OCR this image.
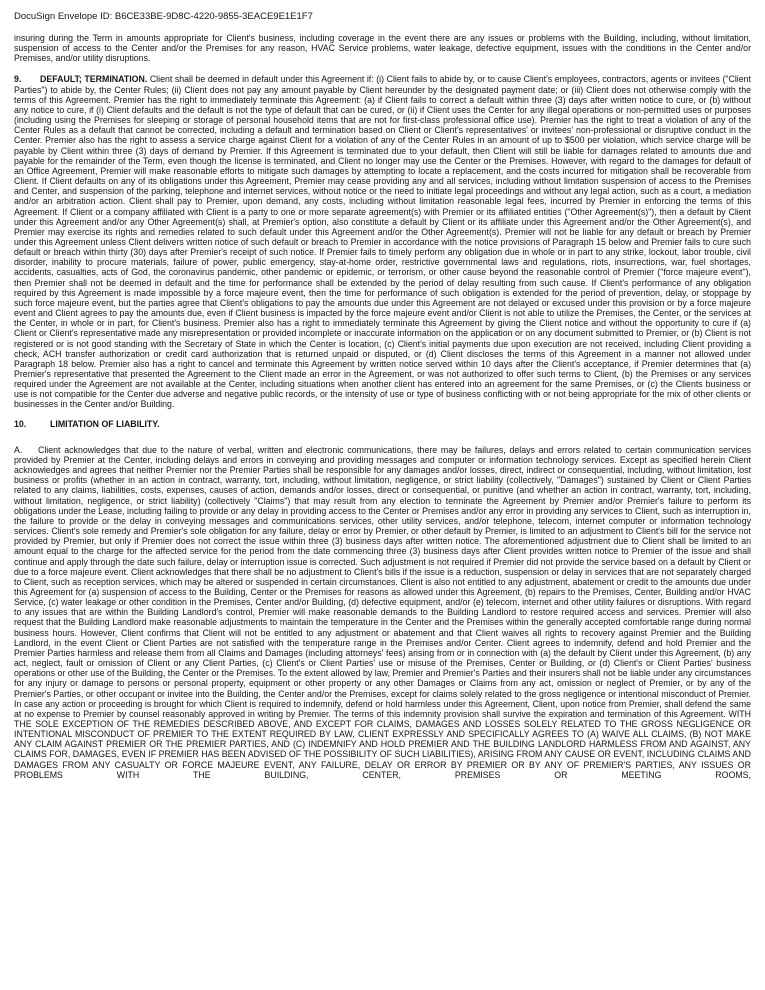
DocuSign Envelope ID: B6CE33BE-9D8C-4220-9855-3EACE9E1E1F7

insuring during the Term in amounts appropriate for Client's business, including coverage in the event there are any issues or problems with the Building, including, without limitation, suspension of access to the Center and/or the Premises for any reason, HVAC Service problems, water leakage, defective equipment, issues with the conditions in the Center and/or Premises, and/or utility disruptions.

9. DEFAULT; TERMINATION. Client shall be deemed in default under this Agreement if: (i) Client fails to abide by, or to cause Client's employees, contractors, agents or invitees ("Client Parties") to abide by, the Center Rules; (ii) Client does not pay any amount payable by Client hereunder by the designated payment date; or (iii) Client does not otherwise comply with the terms of this Agreement. Premier has the right to immediately terminate this Agreement: (a) if Client fails to correct a default within three (3) days after written notice to cure, or (b) without any notice to cure, if (i) Client defaults and the default is not the type of default that can be cured, or (ii) if Client uses the Center for any illegal operations or non-permitted uses or purposes (including using the Premises for sleeping or storage of personal household items that are not for first-class professional office use). Premier has the right to treat a violation of any of the Center Rules as a default that cannot be corrected, including a default and termination based on Client or Client's representatives' or invitees' non-professional or disruptive conduct in the Center. Premier also has the right to assess a service charge against Client for a violation of any of the Center Rules in an amount of up to $500 per violation, which service charge will be payable by Client within three (3) days of demand by Premier. If this Agreement is terminated due to your default, then Client will still be liable for damages related to amounts due and payable for the remainder of the Term, even though the license is terminated, and Client no longer may use the Center or the Premises. However, with regard to the damages for default of an Office Agreement, Premier will make reasonable efforts to mitigate such damages by attempting to locate a replacement, and the costs incurred for mitigation shall be recoverable from Client. If Client defaults on any of its obligations under this Agreement, Premier may cease providing any and all services, including without limitation suspension of access to the Premises and Center, and suspension of the parking, telephone and internet services, without notice or the need to initiate legal proceedings and without any legal action, such as a court, a mediation and/or an arbitration action. Client shall pay to Premier, upon demand, any costs, including without limitation reasonable legal fees, incurred by Premier in enforcing the terms of this Agreement. If Client or a company affiliated with Client is a party to one or more separate agreement(s) with Premier or its affiliated entities ("Other Agreement(s)"), then a default by Client under this Agreement and/or any Other Agreement(s) shall, at Premier's option, also constitute a default by Client or its affiliate under this Agreement and/or the Other Agreement(s), and Premier may exercise its rights and remedies related to such default under this Agreement and/or the Other Agreement(s). Premier will not be liable for any default or breach by Premier under this Agreement unless Client delivers written notice of such default or breach to Premier in accordance with the notice provisions of Paragraph 15 below and Premier fails to cure such default or breach within thirty (30) days after Premier's receipt of such notice. If Premier fails to timely perform any obligation due in whole or in part to any strike, lockout, labor trouble, civil disorder, inability to procure materials, failure of power, public emergency, stay-at-home order, restrictive governmental laws and regulations, riots, insurrections, war, fuel shortages, accidents, casualties, acts of God, the coronavirus pandemic, other pandemic or epidemic, or terrorism, or other cause beyond the reasonable control of Premier ("force majeure event"), then Premier shall not be deemed in default and the time for performance shall be extended by the period of delay resulting from such cause. If Client's performance of any obligation required by this Agreement is made impossible by a force majeure event, then the time for performance of such obligation is extended for the period of prevention, delay, or stoppage by such force majeure event, but the parties agree that Client's obligations to pay the amounts due under this Agreement are not delayed or excused under this provision or by a force majeure event and Client agrees to pay the amounts due, even if Client business is impacted by the force majeure event and/or Client is not able to utilize the Premises, the Center, or the services at the Center, in whole or in part, for Client's business. Premier also has a right to immediately terminate this Agreement by giving the Client notice and without the opportunity to cure if (a) Client or Client's representative made any misrepresentation or provided incomplete or inaccurate information on the application or on any document submitted to Premier, or (b) Client is not registered or is not good standing with the Secretary of State in which the Center is location, (c) Client's initial payments due upon execution are not received, including Client providing a check, ACH transfer authorization or credit card authorization that is returned unpaid or disputed, or (d) Client discloses the terms of this Agreement in a manner not allowed under Paragraph 18 below. Premier also has a right to cancel and terminate this Agreement by written notice served within 10 days after the Client's acceptance, if Premier determines that (a) Premier's representative that presented the Agreement to the Client made an error in the Agreement, or was not authorized to offer such terms to Client, (b) the Premises or any services required under the Agreement are not available at the Center, including situations when another client has entered into an agreement for the same Premises, or (c) the Clients business or use is not compatible for the Center due adverse and negative public records, or the intensity of use or type of business conflicting with or not being appropriate for the mix of other clients or businesses in the Center and/or Building.

10.	LIMITATION OF LIABILITY.

A. Client acknowledges that due to the nature of verbal, written and electronic communications, there may be failures, delays and errors related to certain communication services provided by Premier at the Center, including delays and errors in conveying and providing messages and computer or information technology services. Except as specified herein Client acknowledges and agrees that neither Premier nor the Premier Parties shall be responsible for any damages and/or losses, direct, indirect or consequential, including, without limitation, lost business or profits (whether in an action in contract, warranty, tort, including, without limitation, negligence, or strict liability (collectively, "Damages") sustained by Client or Client Parties related to any claims, liabilities, costs, expenses, causes of action, demands and/or losses, direct or consequential, or punitive (and whether an action in contract, warranty, tort, including, without limitation, negligence, or strict liability) (collectively "Claims") that may result from any election to terminate the Agreement by Premier and/or Premier's failure to perform its obligations under the Lease, including failing to provide or any delay in providing access to the Center or Premises and/or any error in providing any services to Client, such as interruption in, the failure to provide or the delay in conveying messages and communications services, other utility services, and/or telephone, telecom, internet computer or information technology services. Client's sole remedy and Premier's sole obligation for any failure, delay or error by Premier, or other default by Premier, is limited to an adjustment to Client's bill for the service not provided by Premier, but only if Premier does not correct the issue within three (3) business days after written notice. The aforementioned adjustment due to Client shall be limited to an amount equal to the charge for the affected service for the period from the date commencing three (3) business days after Client provides written notice to Premier of the issue and shall continue and apply through the date such failure, delay or interruption issue is corrected. Such adjustment is not required if Premier did not provide the service based on a default by Client or due to a force majeure event. Client acknowledges that there shall be no adjustment to Client's bills if the issue is a reduction, suspension or delay in services that are not separately charged to Client, such as reception services, which may be altered or suspended in certain circumstances. Client is also not entitled to any adjustment, abatement or credit to the amounts due under this Agreement for (a) suspension of access to the Building, Center or the Premises for reasons as allowed under this Agreement, (b) repairs to the Premises, Center, Building and/or HVAC Service, (c) water leakage or other condition in the Premises, Center and/or Building, (d) defective equipment, and/or (e) telecom, internet and other utility failures or disruptions. With regard to any issues that are within the Building Landlord's control, Premier will make reasonable demands to the Building Landlord to restore required access and services. Premier will also request that the Building Landlord make reasonable adjustments to maintain the temperature in the Center and the Premises within the generally accepted comfortable range during normal business hours. However, Client confirms that Client will not be entitled to any adjustment or abatement and that Client waives all rights to recovery against Premier and the Building Landlord, in the event Client or Client Parties are not satisfied with the temperature range in the Premises and/or Center. Client agrees to indemnify, defend and hold Premier and the Premier Parties harmless and release them from all Claims and Damages (including attorneys' fees) arising from or in connection with (a) the default by Client under this Agreement, (b) any act, neglect, fault or omission of Client or any Client Parties, (c) Client's or Client Parties' use or misuse of the Premises, Center or Building, or (d) Client's or Client Parties' business operations or other use of the Building, the Center or the Premises. To the extent allowed by law, Premier and Premier's Parties and their insurers shall not be liable under any circumstances for any injury or damage to persons or personal property, equipment or other property or any other Damages or Claims from any act, omission or neglect of Premier, or by any of the Premier's Parties, or other occupant or invitee into the Building, the Center and/or the Premises, except for claims solely related to the gross negligence or intentional misconduct of Premier. In case any action or proceeding is brought for which Client is required to indemnify, defend or hold harmless under this Agreement, Client, upon notice from Premier, shall defend the same at no expense to Premier by counsel reasonably approved in writing by Premier. The terms of this indemnity provision shall survive the expiration and termination of this Agreement. WITH THE SOLE EXCEPTION OF THE REMEDIES DESCRIBED ABOVE, AND EXCEPT FOR CLAIMS, DAMAGES AND LOSSES SOLELY RELATED TO THE GROSS NEGLIGENCE OR INTENTIONAL MISCONDUCT OF PREMIER TO THE EXTENT REQUIRED BY LAW, CLIENT EXPRESSLY AND SPECIFICALLY AGREES TO (A) WAIVE ALL CLAIMS, (B) NOT MAKE ANY CLAIM AGAINST PREMIER OR THE PREMIER PARTIES, AND (C) INDEMNIFY AND HOLD PREMIER AND THE BUILDING LANDLORD HARMLESS FROM AND AGAINST, ANY CLAIMS FOR, DAMAGES, EVEN IF PREMIER HAS BEEN ADVISED OF THE POSSIBILITY OF SUCH LIABILITIES), ARISING FROM ANY CAUSE OR EVENT, INCLUDING CLAIMS AND DAMAGES FROM ANY CASUALTY OR FORCE MAJEURE EVENT, ANY FAILURE, DELAY OR ERROR BY PREMIER OR BY ANY OF PREMIER'S PARTIES, ANY ISSUES OR PROBLEMS WITH THE BUILDING, CENTER, PREMISES OR MEETING ROOMS,
